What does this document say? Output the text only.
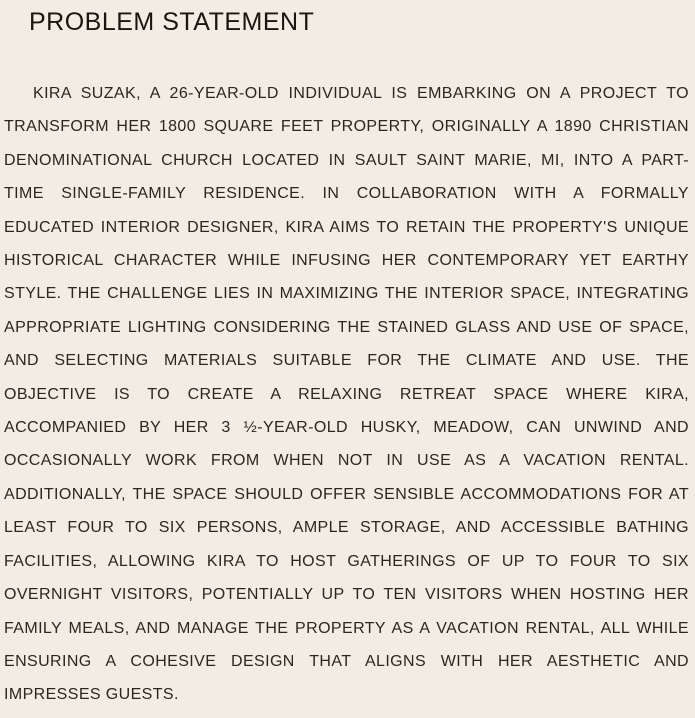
PROBLEM STATEMENT
KIRA SUZAK, A 26-YEAR-OLD INDIVIDUAL IS EMBARKING ON A PROJECT TO
TRANSFORM HER 1800 SQUARE FEET PROPERTY, ORIGINALLY A 1890 CHRISTIAN
DENOMINATIONAL CHURCH LOCATED IN SAULT SAINT MARIE, MI, INTO A PART-
TIME SINGLE-FAMILY RESIDENCE. IN COLLABORATION WITH A FORMALLY
EDUCATED INTERIOR DESIGNER, KIRA AIMS TO RETAIN THE PROPERTY'S UNIQUE
HISTORICAL CHARACTER WHILE INFUSING HER CONTEMPORARY YET EARTHY
STYLE. THE CHALLENGE LIES IN MAXIMIZING THE INTERIOR SPACE, INTEGRATING
APPROPRIATE LIGHTING CONSIDERING THE STAINED GLASS AND USE OF SPACE,
AND SELECTING MATERIALS SUITABLE FOR THE CLIMATE AND USE. THE
OBJECTIVE IS TO CREATE A RELAXING RETREAT SPACE WHERE KIRA,
ACCOMPANIED BY HER 3 ½-YEAR-OLD HUSKY, MEADOW, CAN UNWIND AND
OCCASIONALLY WORK FROM WHEN NOT IN USE AS A VACATION RENTAL.
ADDITIONALLY, THE SPACE SHOULD OFFER SENSIBLE ACCOMMODATIONS FOR AT
LEAST FOUR TO SIX PERSONS, AMPLE STORAGE, AND ACCESSIBLE BATHING
FACILITIES, ALLOWING KIRA TO HOST GATHERINGS OF UP TO FOUR TO SIX
OVERNIGHT VISITORS, POTENTIALLY UP TO TEN VISITORS WHEN HOSTING HER
FAMILY MEALS, AND MANAGE THE PROPERTY AS A VACATION RENTAL, ALL WHILE
ENSURING A COHESIVE DESIGN THAT ALIGNS WITH HER AESTHETIC AND
IMPRESSES GUESTS.
